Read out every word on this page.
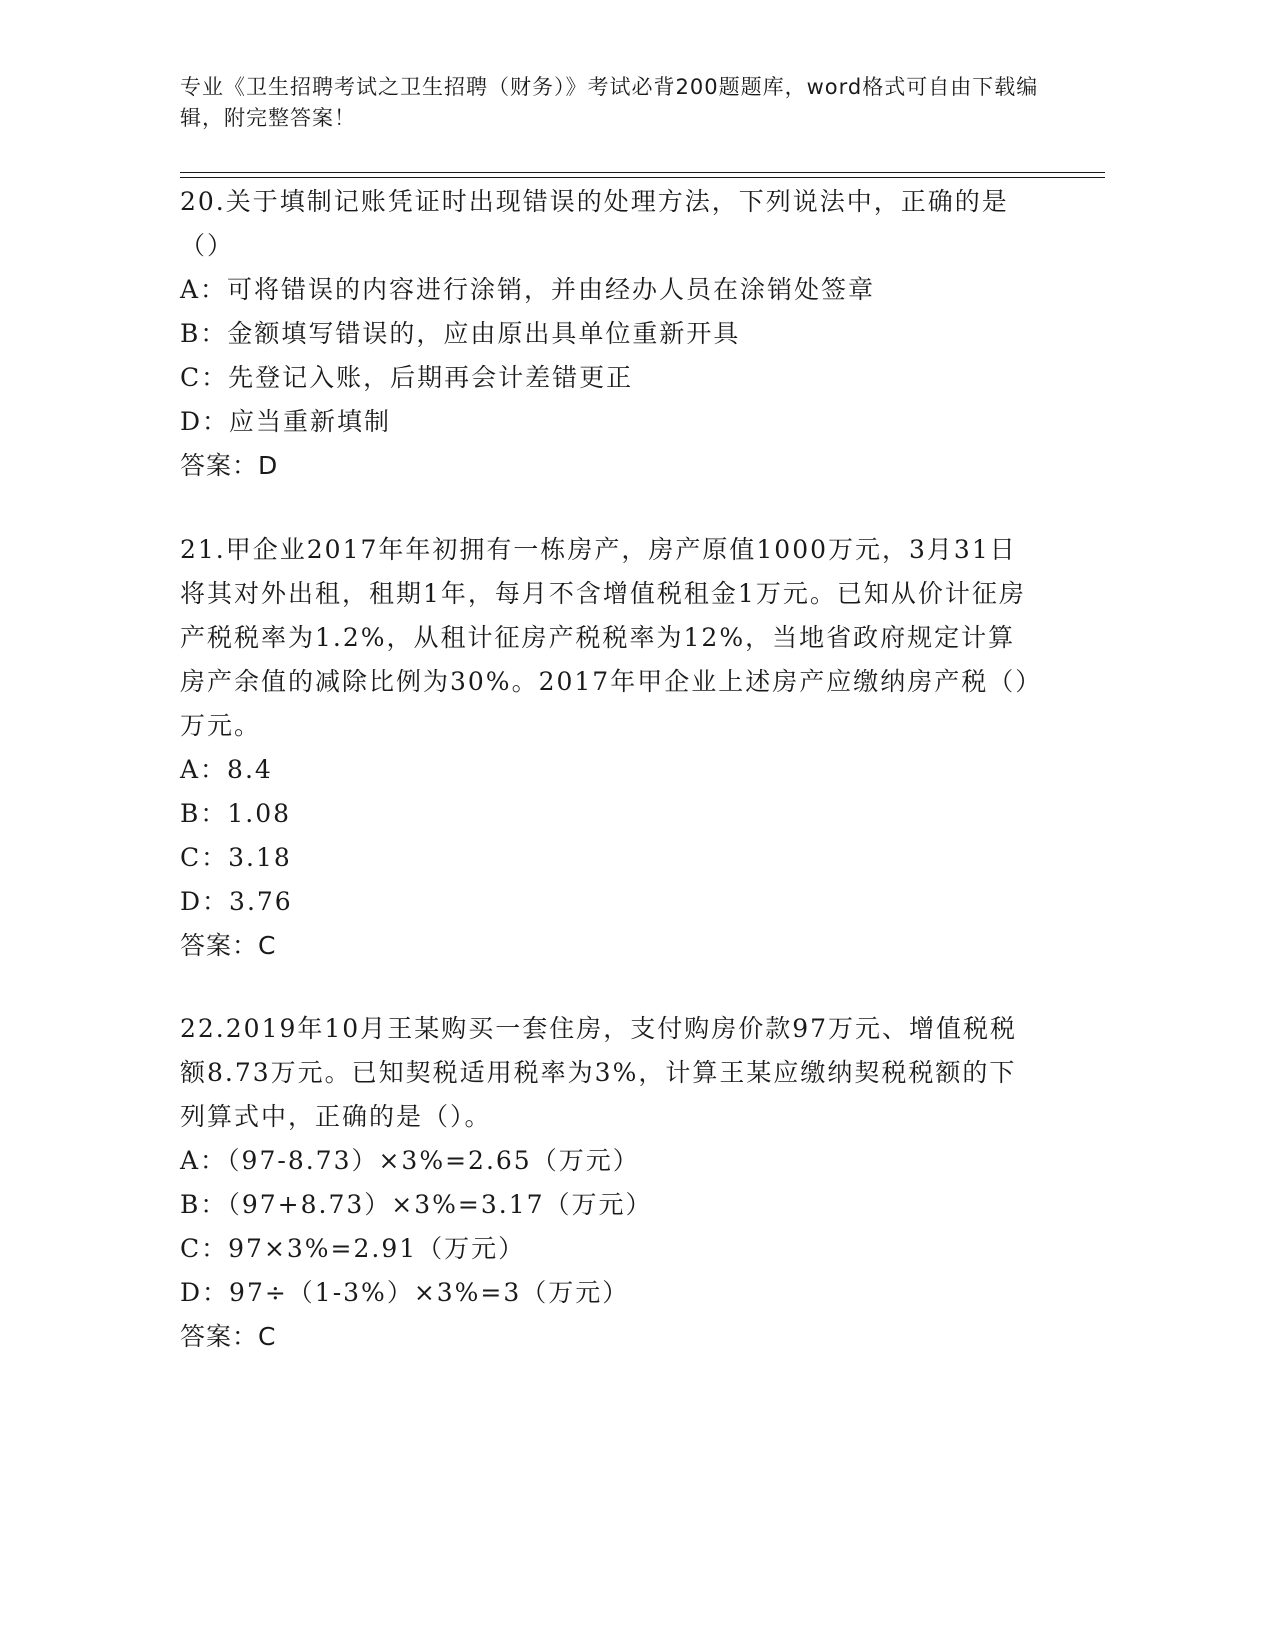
专业《卫生招聘考试之卫生招聘（财务）》考试必背200题题库，word格式可自由下载编辑，附完整答案！
20.关于填制记账凭证时出现错误的处理方法，下列说法中，正确的是（）
A：可将错误的内容进行涂销，并由经办人员在涂销处签章
B：金额填写错误的，应由原出具单位重新开具
C：先登记入账，后期再会计差错更正
D：应当重新填制
答案：D
21.甲企业2017年年初拥有一栋房产，房产原值1000万元，3月31日将其对外出租，租期1年，每月不含增值税租金1万元。已知从价计征房产税税率为1.2%，从租计征房产税税率为12%，当地省政府规定计算房产余值的减除比例为30%。2017年甲企业上述房产应缴纳房产税（）万元。
A：8.4
B：1.08
C：3.18
D：3.76
答案：C
22.2019年10月王某购买一套住房，支付购房价款97万元、增值税税额8.73万元。已知契税适用税率为3%，计算王某应缴纳契税税额的下列算式中，正确的是（）。
A：（97-8.73）×3%=2.65（万元）
B：（97+8.73）×3%=3.17（万元）
C：97×3%=2.91（万元）
D：97÷（1-3%）×3%=3（万元）
答案：C
